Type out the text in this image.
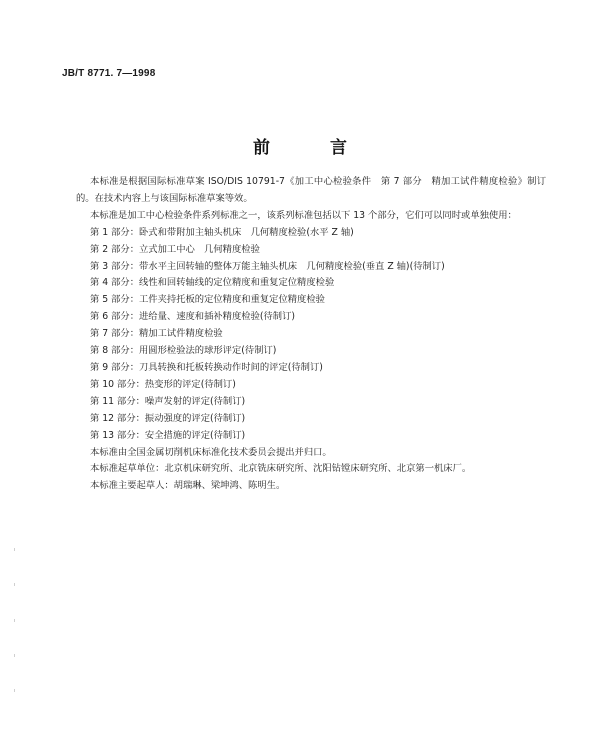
JB/T 8771. 7—1998
前	言

本标准是根据国际标准草案 ISO/DIS 10791-7《加工中心检验条件　第 7 部分　精加工试件精度检验》制订的。在技术内容上与该国际标准草案等效。

本标准是加工中心检验条件系列标准之一，该系列标准包括以下 13 个部分，它们可以同时或单独使用：

第 1 部分：卧式和带附加主轴头机床　几何精度检验(水平 Z 轴)

第 2 部分：立式加工中心　几何精度检验

第 3 部分：带水平主回转轴的整体万能主轴头机床　几何精度检验(垂直 Z 轴)(待制订)

第 4 部分：线性和回转轴线的定位精度和重复定位精度检验

第 5 部分：工件夹持托板的定位精度和重复定位精度检验

第 6 部分：进给量、速度和插补精度检验(待制订)

第 7 部分：精加工试件精度检验

第 8 部分：用圆形检验法的球形评定(待制订)

第 9 部分：刀具转换和托板转换动作时间的评定(待制订)

第 10 部分：热变形的评定(待制订)

第 11 部分：噪声发射的评定(待制订)

第 12 部分：振动强度的评定(待制订)

第 13 部分：安全措施的评定(待制订)

本标准由全国金属切削机床标准化技术委员会提出并归口。

本标准起草单位：北京机床研究所、北京铣床研究所、沈阳钻镗床研究所、北京第一机床厂。

本标准主要起草人：胡瑞琳、梁坤鸿、陈明生。
